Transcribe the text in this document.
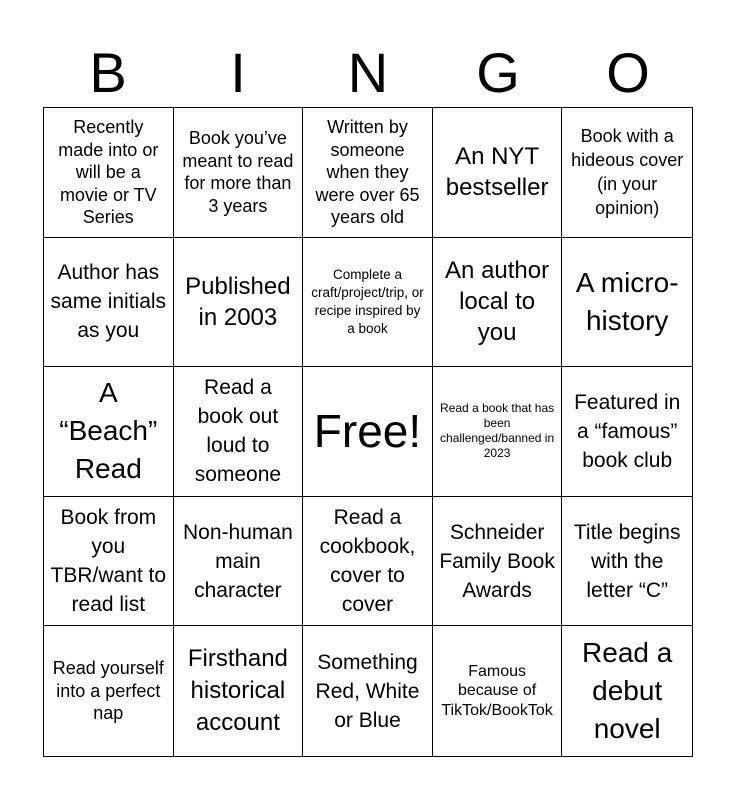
B	I	N	G	O
Recently made into or will be a movie or TV Series
Book you’ve meant to read for more than 3 years
Written by someone when they were over 65 years old
An NYT bestseller
Book with a hideous cover (in your opinion)
Author has same initials as you
Published in 2003
Complete a craft/project/trip, or recipe inspired by a book
An author local to you
A micro-history
A “Beach” Read
Read a book out loud to someone
Free! Read a book that has been challenged/banned in 2023
Featured in a “famous” book club
Book from you TBR/want to read list
Non-human main character
Read a cookbook, cover to cover
Schneider Family Book Awards
Title begins with the letter “C”
Read yourself into a perfect nap
Firsthand historical account
Something Red, White or Blue
Famous because of TikTok/BookTok
Read a debut novel
